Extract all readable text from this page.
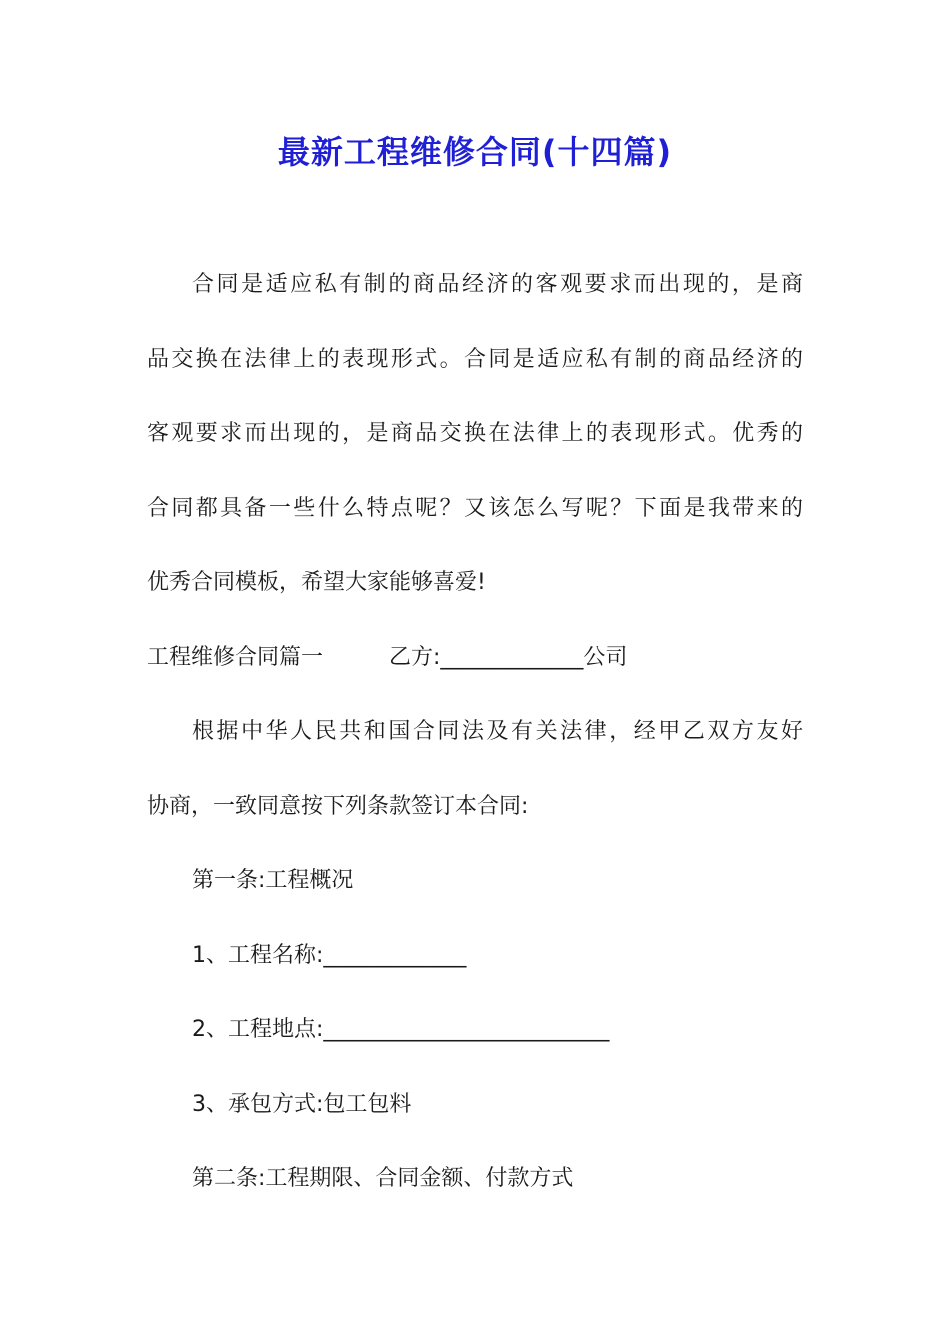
最新工程维修合同(十四篇)
合同是适应私有制的商品经济的客观要求而出现的，是商
品交换在法律上的表现形式。合同是适应私有制的商品经济的
客观要求而出现的，是商品交换在法律上的表现形式。优秀的
合同都具备一些什么特点呢？又该怎么写呢？下面是我带来的
优秀合同模板，希望大家能够喜爱!
工程维修合同篇一　　　乙方:_____________公司
根据中华人民共和国合同法及有关法律，经甲乙双方友好
协商，一致同意按下列条款签订本合同:
第一条:工程概况
1、工程名称:_____________
2、工程地点:__________________________
3、承包方式:包工包料
第二条:工程期限、合同金额、付款方式
